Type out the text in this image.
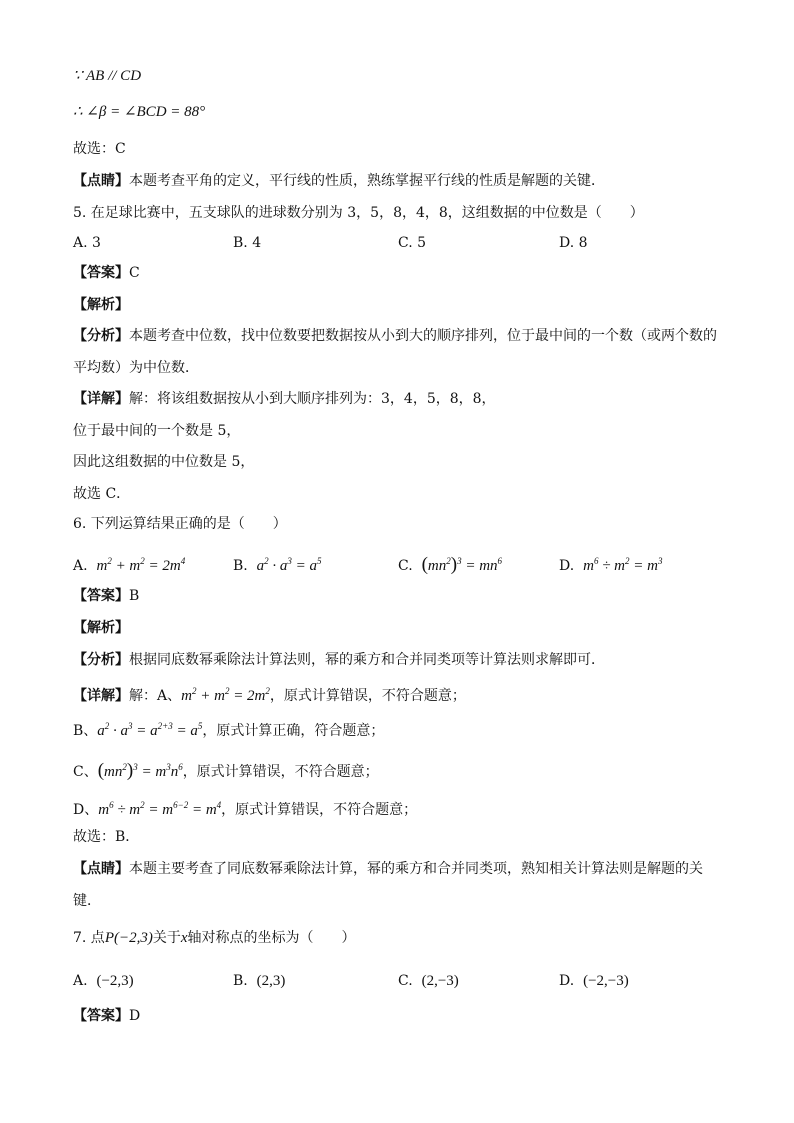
∵ AB // CD
∴ ∠β = ∠BCD = 88°
故选：C
【点睛】本题考查平角的定义，平行线的性质，熟练掌握平行线的性质是解题的关键．
5. 在足球比赛中，五支球队的进球数分别为 3，5，8，4，8，这组数据的中位数是（　　）
A. 3	B. 4	C. 5	D. 8
【答案】C
【解析】
【分析】本题考查中位数，找中位数要把数据按从小到大的顺序排列，位于最中间的一个数（或两个数的
平均数）为中位数．
【详解】解：将该组数据按从小到大顺序排列为：3，4，5，8，8，
位于最中间的一个数是 5，
因此这组数据的中位数是 5，
故选 C．
6. 下列运算结果正确的是（　　）
A. $m^2 + m^2 = 2m^4$	B. $a^2 \cdot a^3 = a^5$	C. $(mn^2)^3 = mn^6$	D. $m^6 \div m^2 = m^3$
【答案】B
【解析】
【分析】根据同底数幂乘除法计算法则，幂的乘方和合并同类项等计算法则求解即可．
【详解】解：A、$m^2 + m^2 = 2m^2$，原式计算错误，不符合题意；
B、$a^2 \cdot a^3 = a^{2+3} = a^5$，原式计算正确，符合题意；
C、$(mn^2)^3 = m^3n^6$，原式计算错误，不符合题意；
D、$m^6 \div m^2 = m^{6-2} = m^4$，原式计算错误，不符合题意；
故选：B．
【点睛】本题主要考查了同底数幂乘除法计算，幂的乘方和合并同类项，熟知相关计算法则是解题的关
键．
7. 点P(−2,3)关于x轴对称点的坐标为（　　）
A. (−2,3)	B. (2,3)	C. (2,−3)	D. (−2,−3)
【答案】D
